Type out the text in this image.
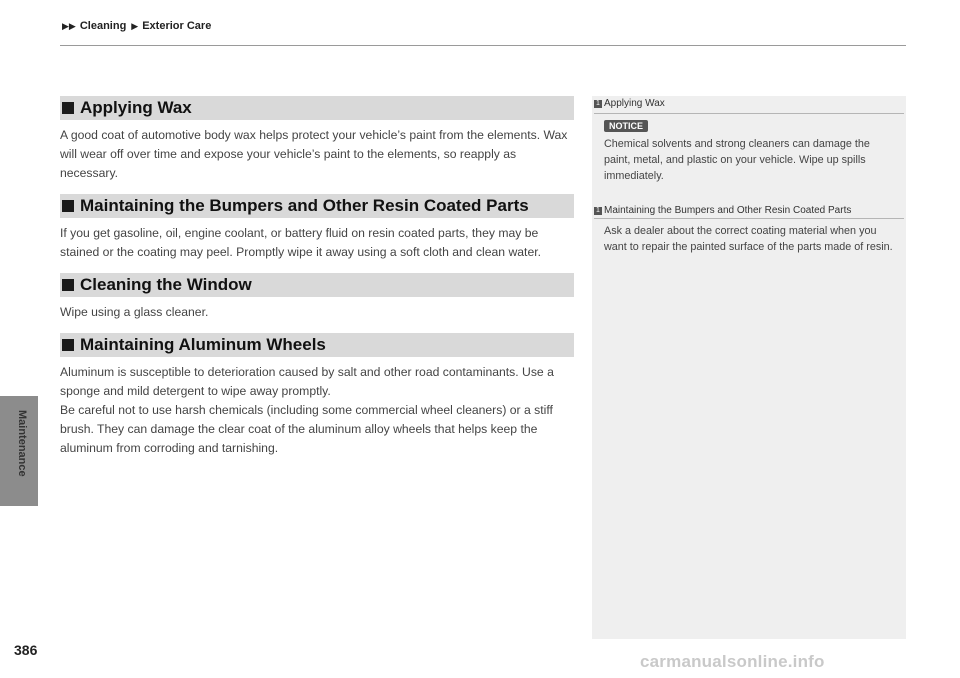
▶▶ Cleaning ▶ Exterior Care
Maintenance
Applying Wax

A good coat of automotive body wax helps protect your vehicle’s paint from the elements. Wax will wear off over time and expose your vehicle’s paint to the elements, so reapply as necessary.

Maintaining the Bumpers and Other Resin Coated Parts

If you get gasoline, oil, engine coolant, or battery fluid on resin coated parts, they may be stained or the coating may peel. Promptly wipe it away using a soft cloth and clean water.

Cleaning the Window

Wipe using a glass cleaner.

Maintaining Aluminum Wheels

Aluminum is susceptible to deterioration caused by salt and other road contaminants. Use a sponge and mild detergent to wipe away promptly.

Be careful not to use harsh chemicals (including some commercial wheel cleaners) or a stiff brush. They can damage the clear coat of the aluminum alloy wheels that helps keep the aluminum from corroding and tarnishing.

1 Applying Wax
NOTICE
Chemical solvents and strong cleaners can damage the paint, metal, and plastic on your vehicle. Wipe up spills immediately.
1 Maintaining the Bumpers and Other Resin Coated Parts
Ask a dealer about the correct coating material when you want to repair the painted surface of the parts made of resin.
386
carmanualsonline.info
